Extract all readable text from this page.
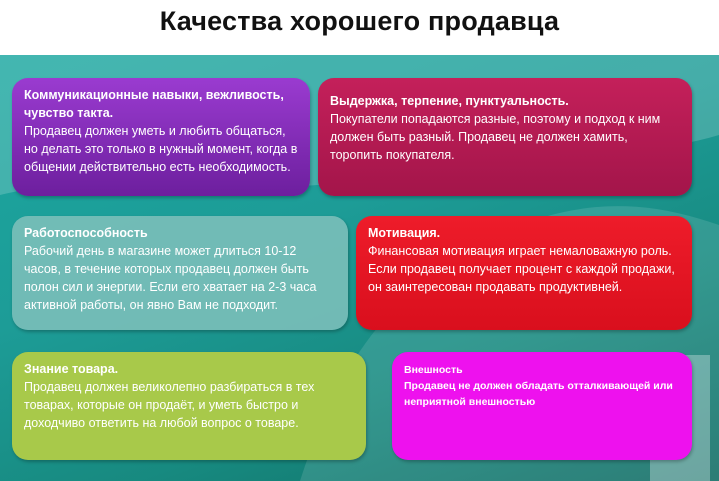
Качества хорошего продавца
Коммуникационные навыки, вежливость, чувство такта.
Продавец должен уметь и любить общаться, но делать это только в нужный момент, когда в общении действительно есть необходимость.
Выдержка, терпение, пунктуальность.
Покупатели попадаются разные, поэтому и подход к ним должен быть разный. Продавец не должен хамить, торопить покупателя.
Работоспособность
Рабочий день в магазине может длиться 10-12 часов, в течение которых продавец должен быть полон сил и энергии. Если его хватает на 2-3 часа активной работы, он явно Вам не подходит.
Мотивация.
Финансовая мотивация играет немаловажную роль. Если продавец получает процент с каждой продажи, он заинтересован продавать продуктивней.
Знание товара.
Продавец должен великолепно разбираться в тех товарах, которые он продаёт, и уметь быстро и доходчиво ответить на любой вопрос о товаре.
Внешность
Продавец не должен обладать отталкивающей или неприятной внешностью
